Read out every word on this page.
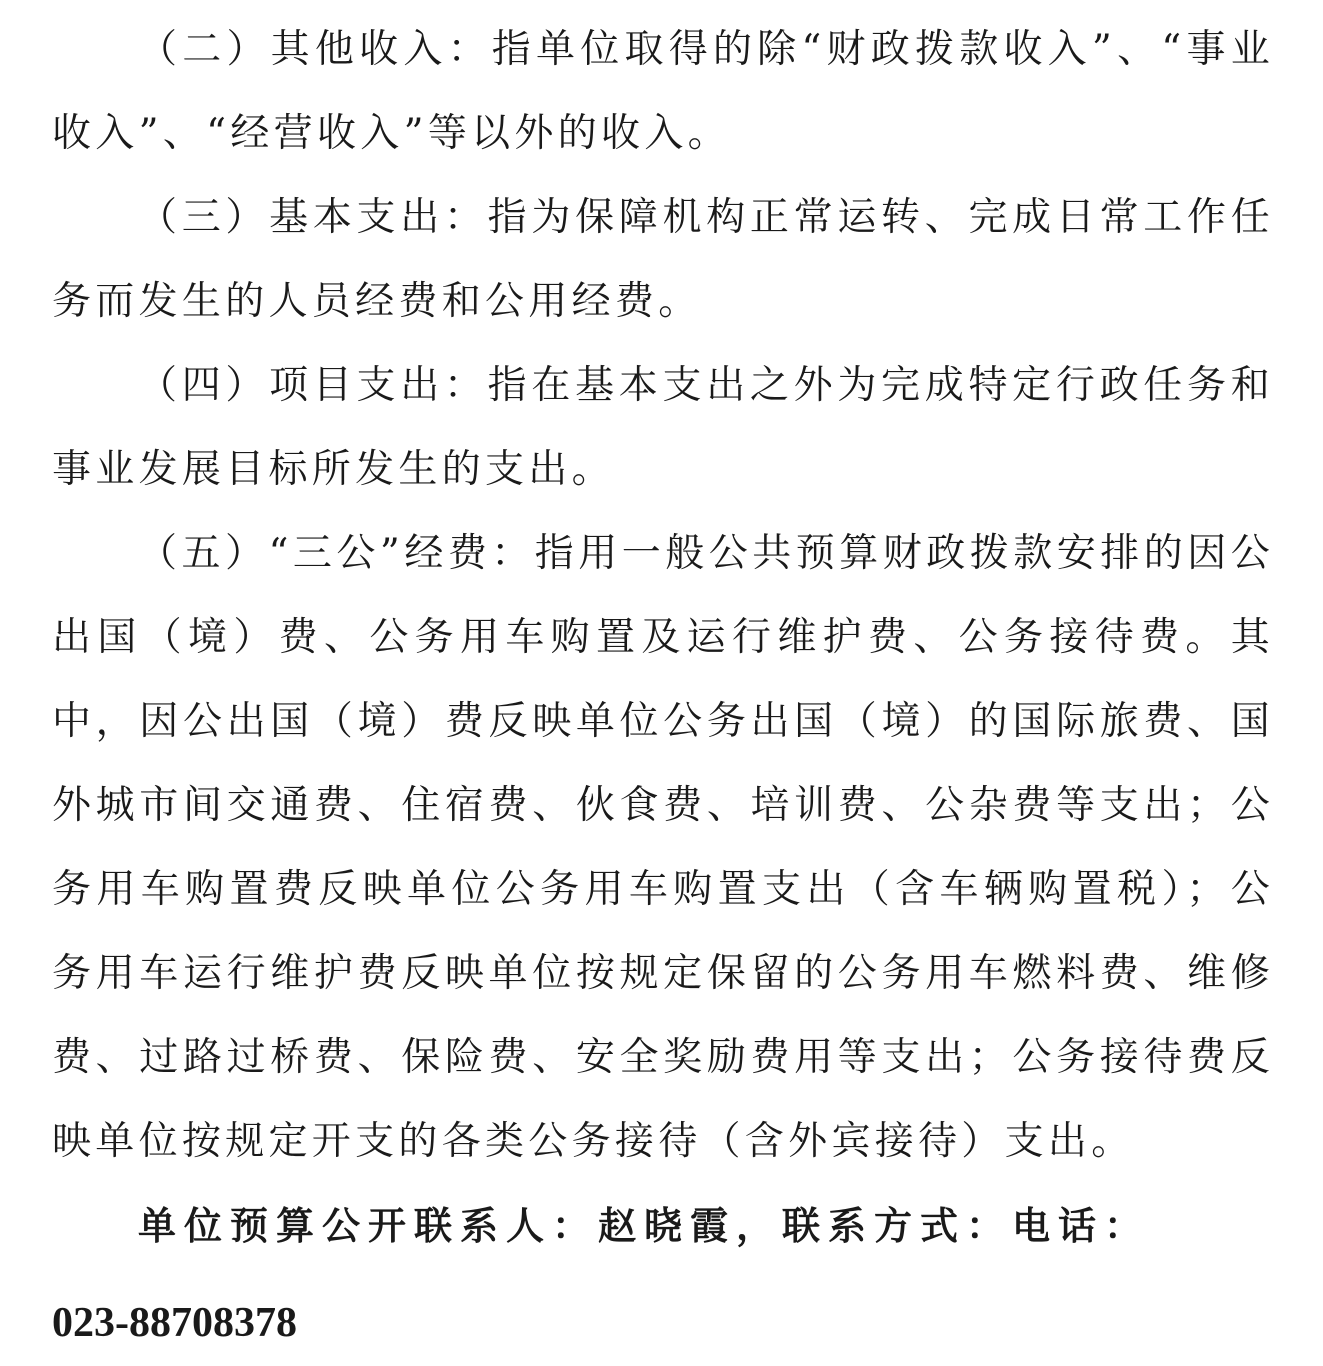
（二）其他收入：指单位取得的除“财政拨款收入”、“事业收入”、“经营收入”等以外的收入。

（三）基本支出：指为保障机构正常运转、完成日常工作任务而发生的人员经费和公用经费。

（四）项目支出：指在基本支出之外为完成特定行政任务和事业发展目标所发生的支出。

（五）“三公”经费：指用一般公共预算财政拨款安排的因公出国（境）费、公务用车购置及运行维护费、公务接待费。其中，因公出国（境）费反映单位公务出国（境）的国际旅费、国外城市间交通费、住宿费、伙食费、培训费、公杂费等支出；公务用车购置费反映单位公务用车购置支出（含车辆购置税）；公务用车运行维护费反映单位按规定保留的公务用车燃料费、维修费、过路过桥费、保险费、安全奖励费用等支出；公务接待费反映单位按规定开支的各类公务接待（含外宾接待）支出。

单位预算公开联系人：赵晓霞，联系方式：电话：

023-88708378
